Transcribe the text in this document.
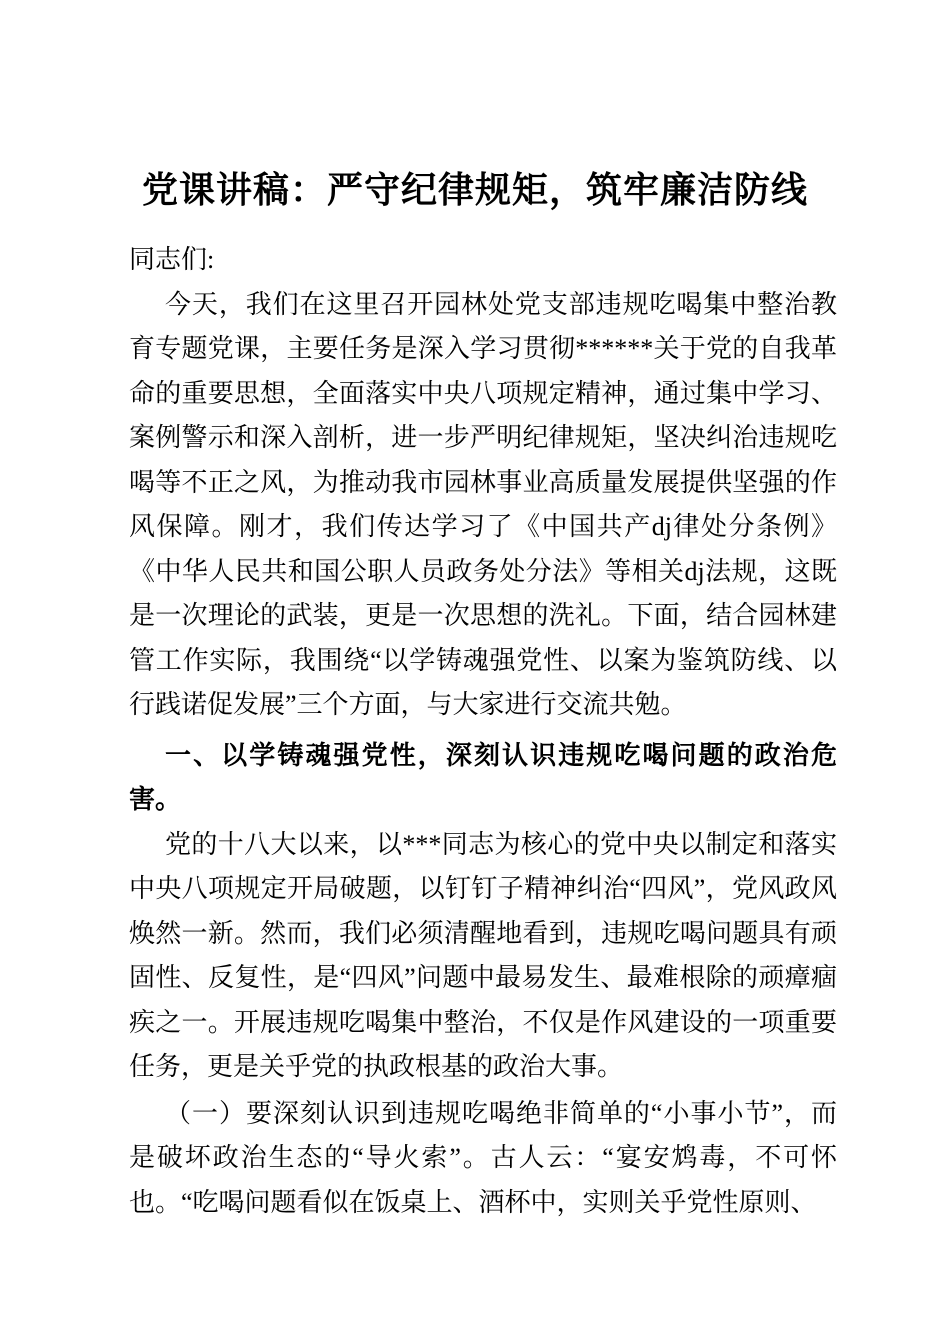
党课讲稿：严守纪律规矩，筑牢廉洁防线

同志们:

今天，我们在这里召开园林处党支部违规吃喝集中整治教育专题党课，主要任务是深入学习贯彻******关于党的自我革命的重要思想，全面落实中央八项规定精神，通过集中学习、案例警示和深入剖析，进一步严明纪律规矩，坚决纠治违规吃喝等不正之风，为推动我市园林事业高质量发展提供坚强的作风保障。刚才，我们传达学习了《中国共产dj律处分条例》《中华人民共和国公职人员政务处分法》等相关dj法规，这既是一次理论的武装，更是一次思想的洗礼。下面，结合园林建管工作实际，我围绕“以学铸魂强党性、以案为鉴筑防线、以行践诺促发展”三个方面，与大家进行交流共勉。

一、以学铸魂强党性，深刻认识违规吃喝问题的政治危害。

党的十八大以来，以***同志为核心的党中央以制定和落实中央八项规定开局破题，以钉钉子精神纠治“四风”，党风政风焕然一新。然而，我们必须清醒地看到，违规吃喝问题具有顽固性、反复性，是“四风”问题中最易发生、最难根除的顽瘴痼疾之一。开展违规吃喝集中整治，不仅是作风建设的一项重要任务，更是关乎党的执政根基的政治大事。

（一）要深刻认识到违规吃喝绝非简单的“小事小节”，而是破坏政治生态的“导火索”。古人云：“宴安鸩毒，不可怀也。“吃喝问题看似在饭桌上、酒杯中，实则关乎党性原则、
